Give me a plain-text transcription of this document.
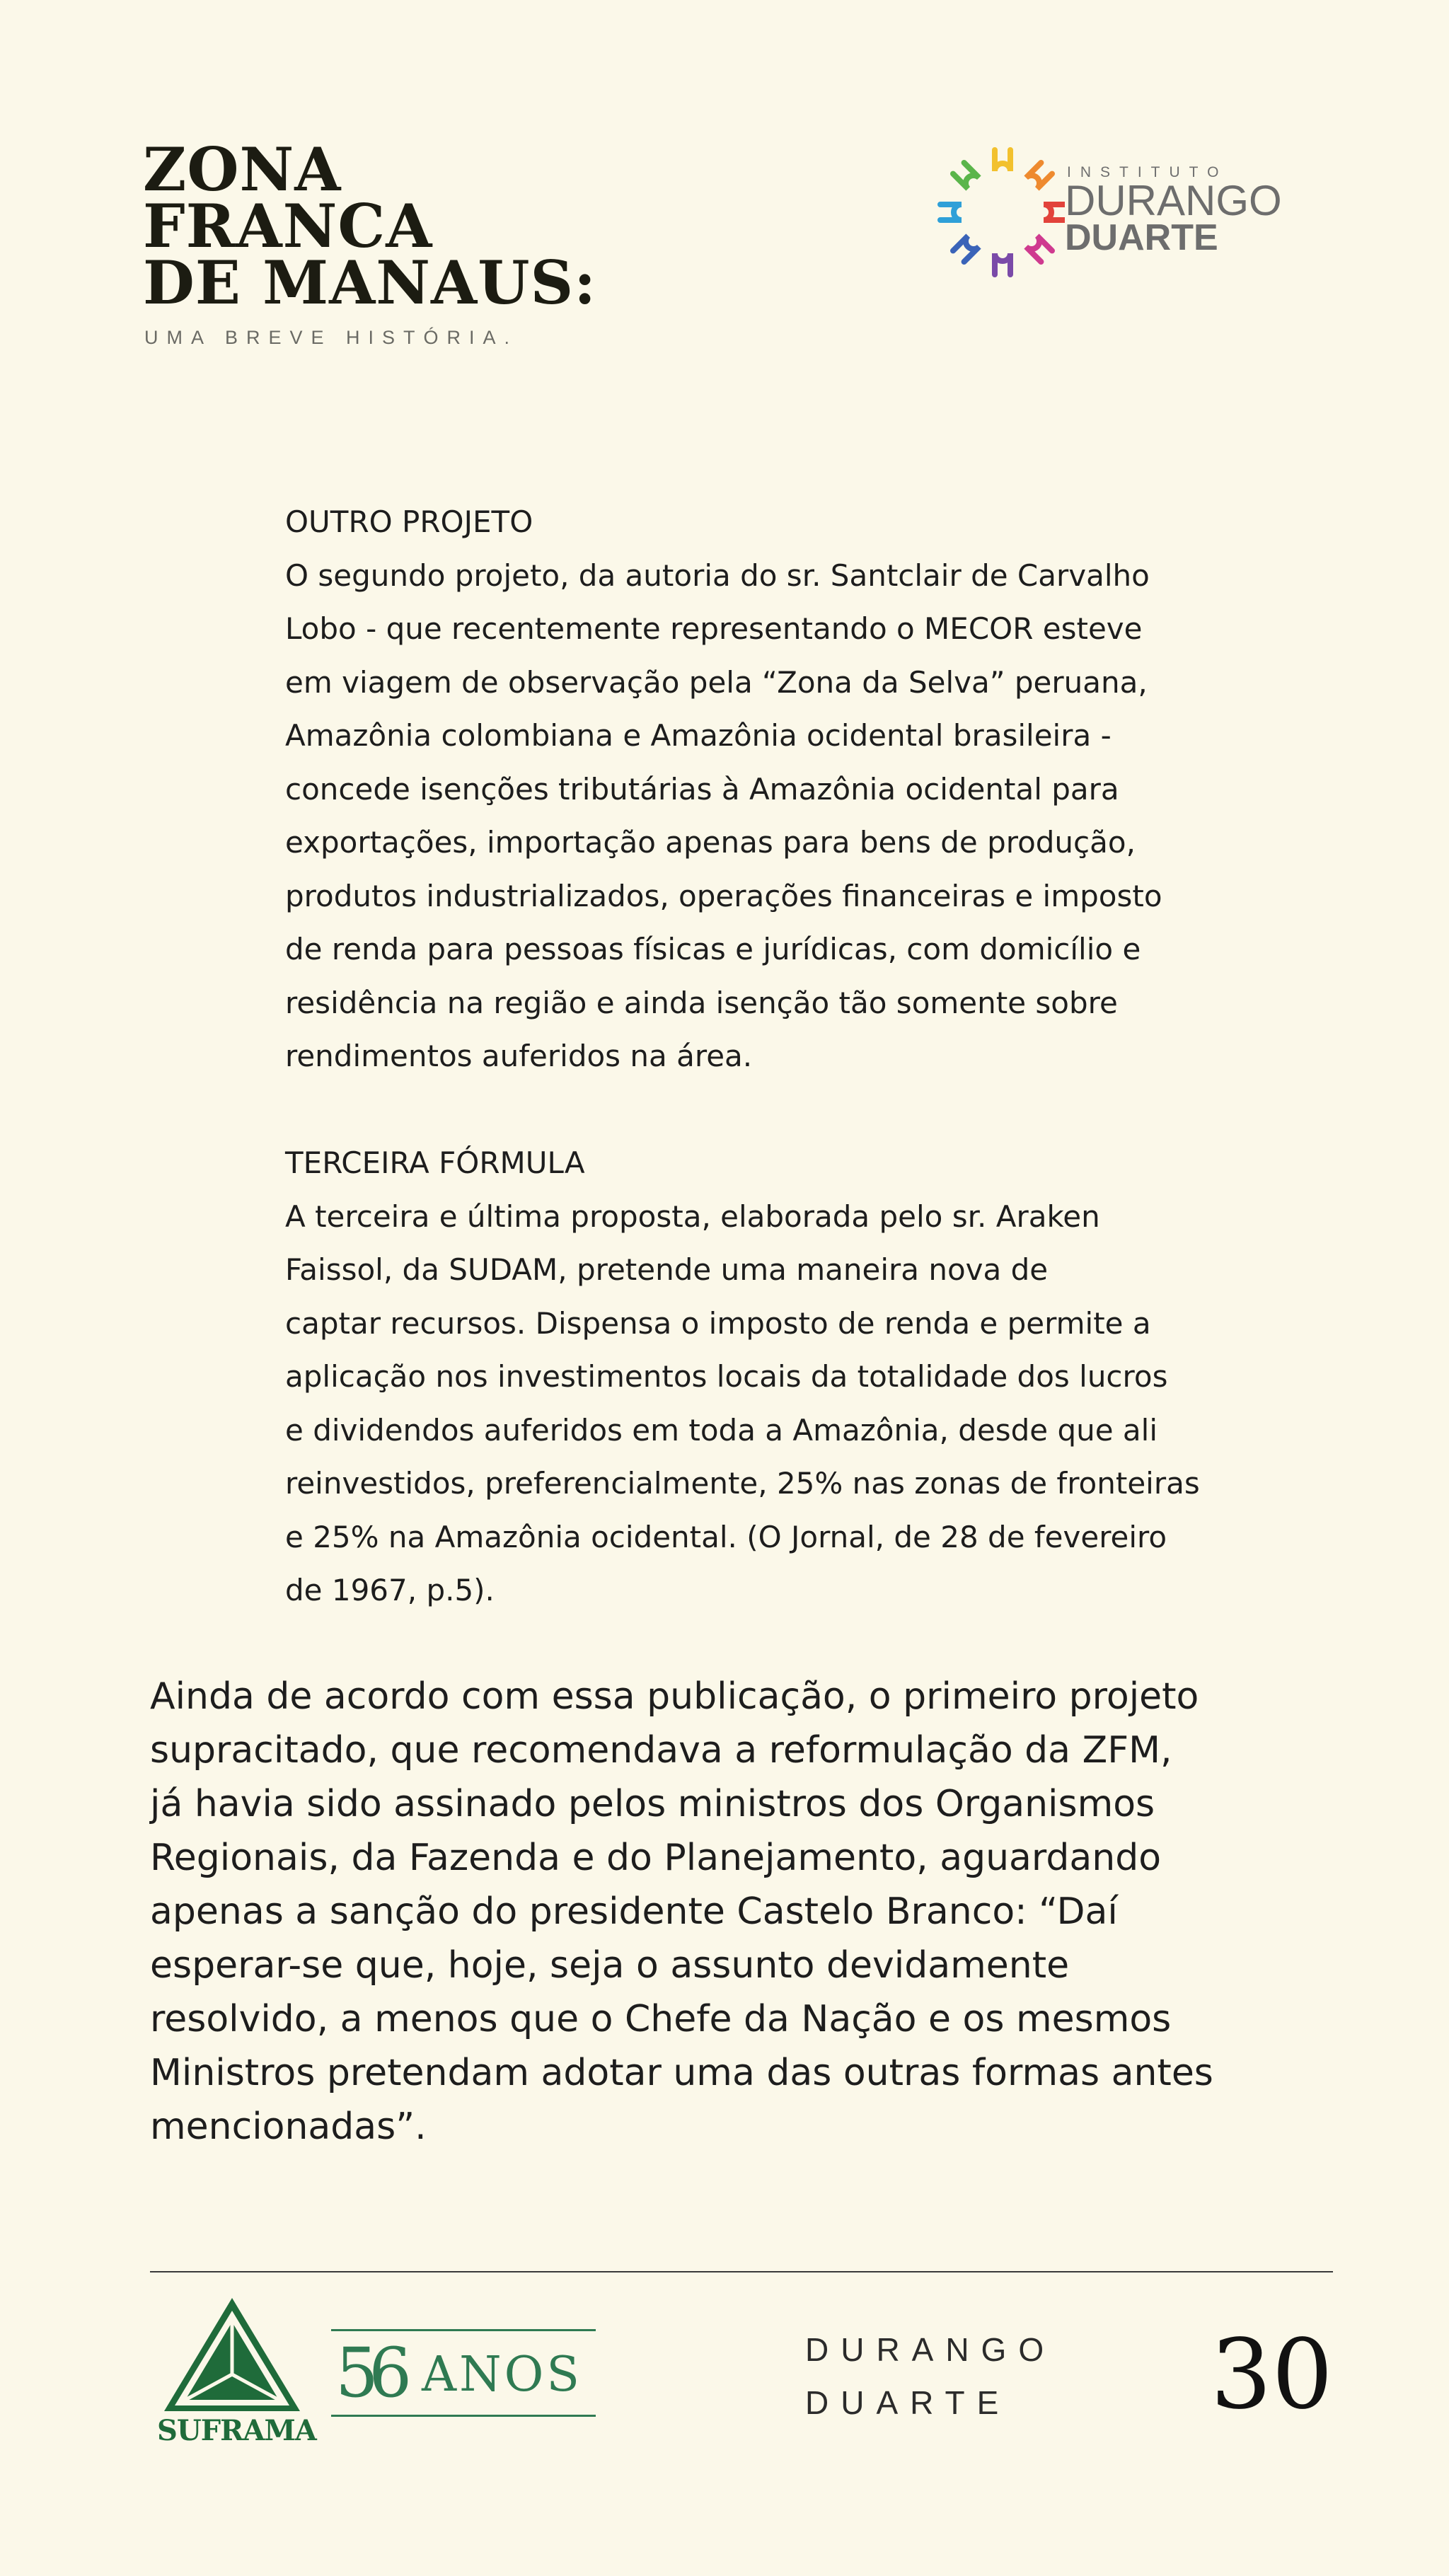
ZONA
FRANCA
DE MANAUS:
UMA BREVE HISTÓRIA.
INSTITUTO
DURANGO
DUARTE
OUTRO PROJETO
O segundo projeto, da autoria do sr. Santclair de Carvalho
Lobo - que recentemente representando o MECOR esteve
em viagem de observação pela “Zona da Selva” peruana,
Amazônia colombiana e Amazônia ocidental brasileira -
concede isenções tributárias à Amazônia ocidental para
exportações, importação apenas para bens de produção,
produtos industrializados, operações financeiras e imposto
de renda para pessoas físicas e jurídicas, com domicílio e
residência na região e ainda isenção tão somente sobre
rendimentos auferidos na área.
TERCEIRA FÓRMULA
A terceira e última proposta, elaborada pelo sr. Araken
Faissol, da SUDAM, pretende uma maneira nova de
captar recursos. Dispensa o imposto de renda e permite a
aplicação nos investimentos locais da totalidade dos lucros
e dividendos auferidos em toda a Amazônia, desde que ali
reinvestidos, preferencialmente, 25% nas zonas de fronteiras
e 25% na Amazônia ocidental. (O Jornal, de 28 de fevereiro
de 1967, p.5).
Ainda de acordo com essa publicação, o primeiro projeto
supracitado, que recomendava a reformulação da ZFM,
já havia sido assinado pelos ministros dos Organismos
Regionais, da Fazenda e do Planejamento, aguardando
apenas a sanção do presidente Castelo Branco: “Daí
esperar-se que, hoje, seja o assunto devidamente
resolvido, a menos que o Chefe da Nação e os mesmos
Ministros pretendam adotar uma das outras formas antes
mencionadas”.
SUFRAMA
56 ANOS	DURANGO
DUARTE	30
